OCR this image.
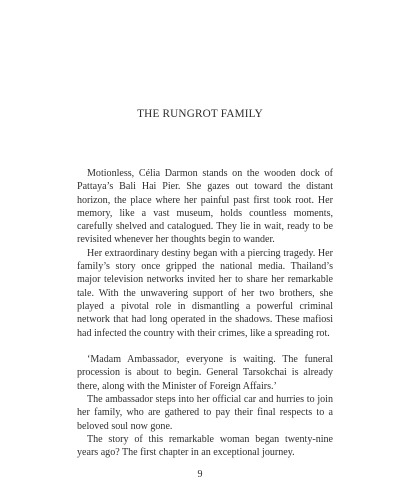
THE RUNGROT FAMILY

Motionless, Célia Darmon stands on the wooden dock of Pattaya’s Bali Hai Pier. She gazes out toward the distant horizon, the place where her painful past first took root. Her memory, like a vast museum, holds countless moments, carefully shelved and catalogued. They lie in wait, ready to be revisited whenever her thoughts begin to wander.

Her extraordinary destiny began with a piercing tragedy. Her family’s story once gripped the national media. Thailand’s major television networks invited her to share her remarkable tale. With the unwavering support of her two brothers, she played a pivotal role in dismantling a powerful criminal network that had long operated in the shadows. These mafiosi had infected the country with their crimes, like a spreading rot.

‘Madam Ambassador, everyone is waiting. The funeral procession is about to begin. General Tarsokchai is already there, along with the Minister of Foreign Affairs.’

The ambassador steps into her official car and hurries to join her family, who are gathered to pay their final respects to a beloved soul now gone.

The story of this remarkable woman began twenty-nine years ago? The first chapter in an exceptional journey.

9
